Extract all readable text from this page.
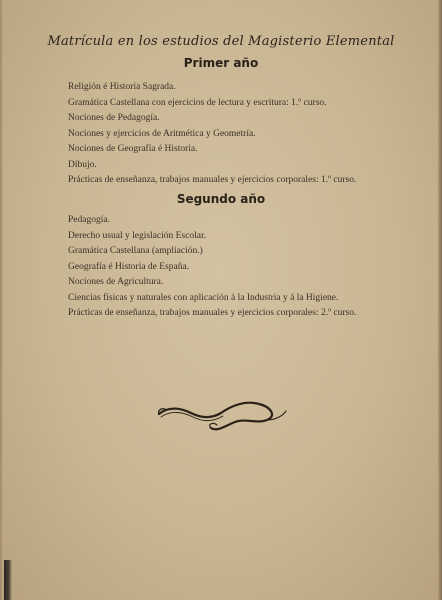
Matrícula en los estudios del Magisterio Elemental
Primer año
Religión é Historia Sagrada.
Gramática Castellana con ejercicios de lectura y escritura: 1.º curso.
Nociones de Pedagogía.
Nociones y ejercicios de Aritmética y Geometría.
Nociones de Geografía é Historia.
Dibujo.
Prácticas de enseñanza, trabajos manuales y ejercicios corporales: 1.º curso.
Segundo año
Pedagogía.
Derecho usual y legislación Escolar.
Gramática Castellana (ampliación.)
Geografía é Historia de España.
Nociones de Agricultura.
Ciencias físicas y naturales con aplicación á la Industria y á la Higiene.
Prácticas de enseñanza, trabajos manuales y ejercicios corporales: 2.º curso.
